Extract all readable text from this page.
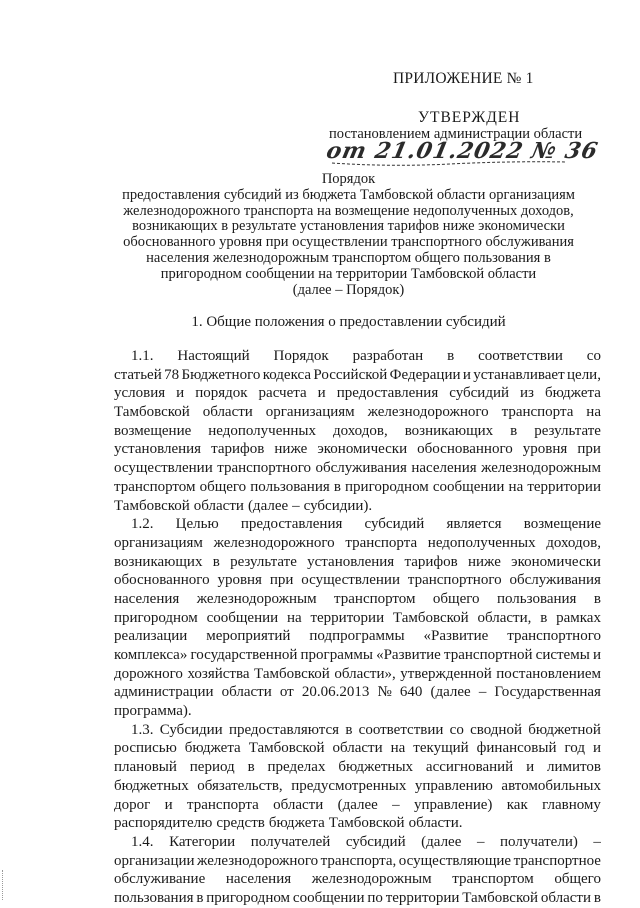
ПРИЛОЖЕНИЕ № 1
УТВЕРЖДЕН
постановлением администрации области
от 21.01.2022 № 36
Порядок
предоставления субсидий из бюджета Тамбовской области организациям
железнодорожного транспорта на возмещение недополученных доходов,
возникающих в результате установления тарифов ниже экономически
обоснованного уровня при осуществлении транспортного обслуживания
населения железнодорожным транспортом общего пользования в
пригородном сообщении на территории Тамбовской области
(далее – Порядок)
1. Общие положения о предоставлении субсидий
1.1. Настоящий Порядок разработан в соответствии со
статьей 78 Бюджетного кодекса Российской Федерации и устанавливает цели,
условия и порядок расчета и предоставления субсидий из бюджета
Тамбовской области организациям железнодорожного транспорта на
возмещение недополученных доходов, возникающих в результате
установления тарифов ниже экономически обоснованного уровня при
осуществлении транспортного обслуживания населения железнодорожным
транспортом общего пользования в пригородном сообщении на территории
Тамбовской области (далее – субсидии).
1.2. Целью предоставления субсидий является возмещение
организациям железнодорожного транспорта недополученных доходов,
возникающих в результате установления тарифов ниже экономически
обоснованного уровня при осуществлении транспортного обслуживания
населения железнодорожным транспортом общего пользования в
пригородном сообщении на территории Тамбовской области, в рамках
реализации мероприятий подпрограммы «Развитие транспортного
комплекса» государственной программы «Развитие транспортной системы и
дорожного хозяйства Тамбовской области», утвержденной постановлением
администрации области от 20.06.2013 № 640 (далее – Государственная
программа).
1.3. Субсидии предоставляются в соответствии со сводной бюджетной
росписью бюджета Тамбовской области на текущий финансовый год и
плановый период в пределах бюджетных ассигнований и лимитов
бюджетных обязательств, предусмотренных управлению автомобильных
дорог и транспорта области (далее – управление) как главному
распорядителю средств бюджета Тамбовской области.
1.4. Категории получателей субсидий (далее – получатели) –
организации железнодорожного транспорта, осуществляющие транспортное
обслуживание населения железнодорожным транспортом общего
пользования в пригородном сообщении по территории Тамбовской области в
